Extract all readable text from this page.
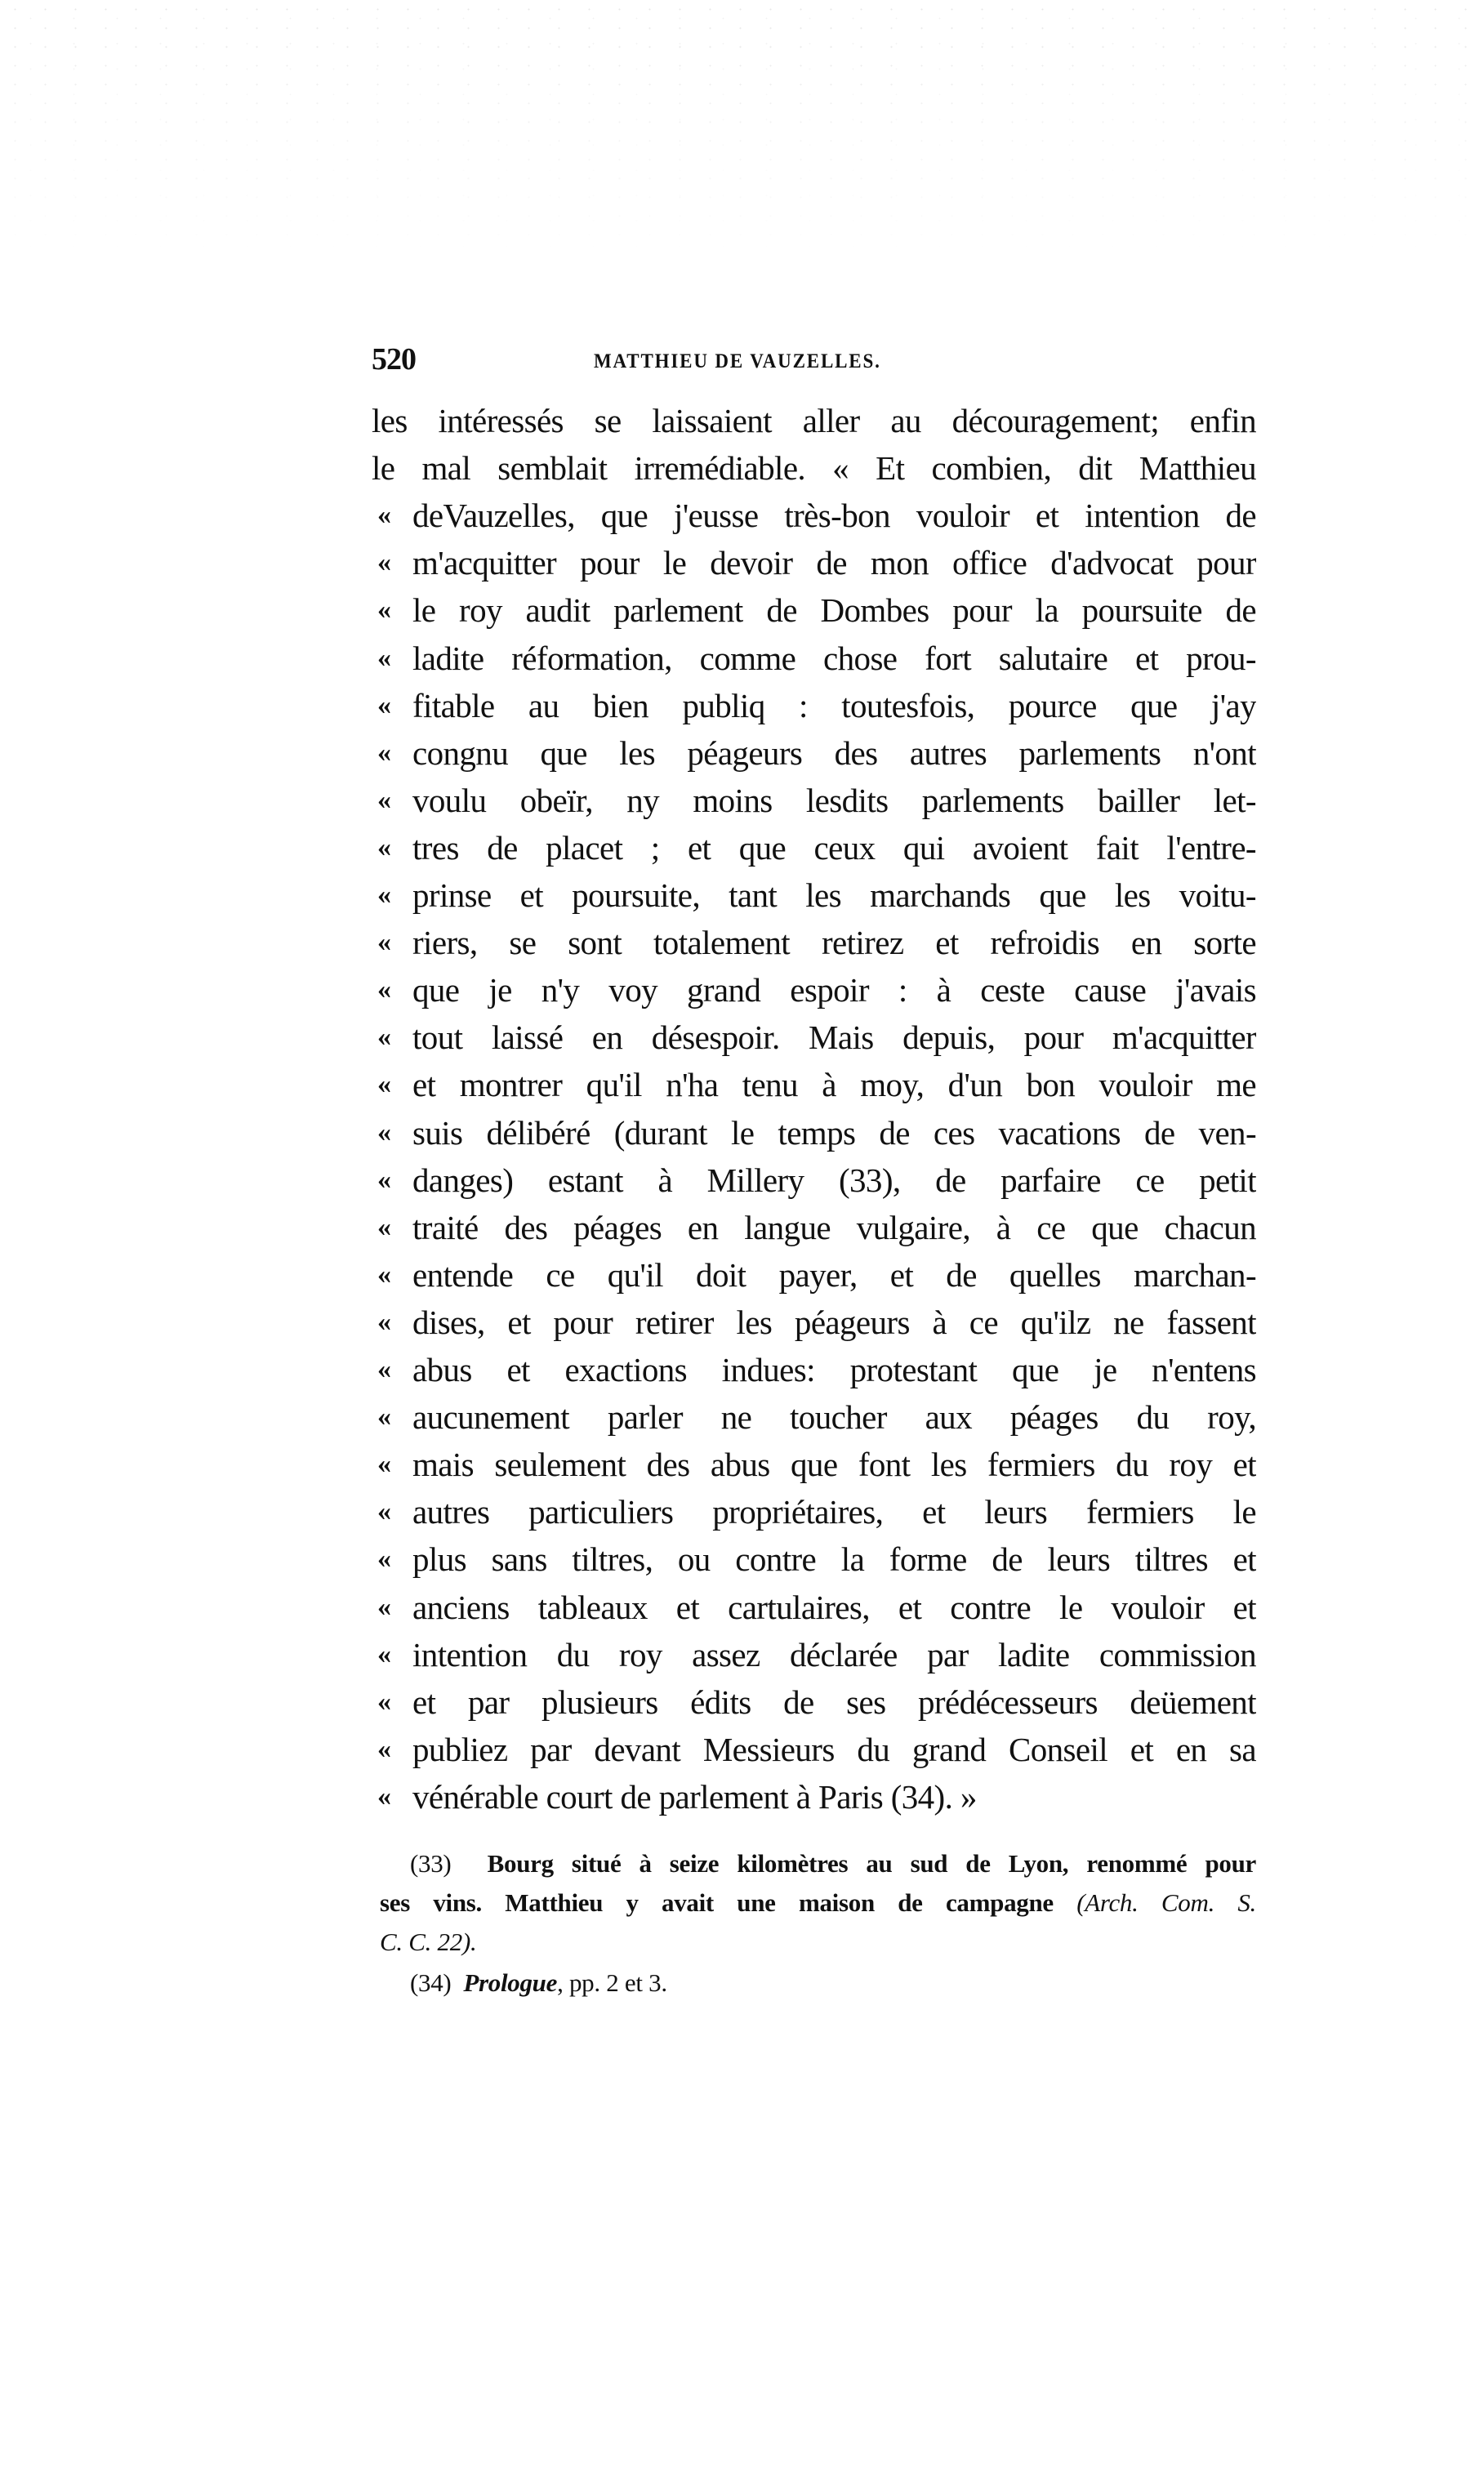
520	MATTHIEU DE VAUZELLES.
les intéressés se laissaient aller au découragement; enfin
le mal semblait irremédiable. « Et combien, dit Matthieu
« deVauzelles, que j'eusse très-bon vouloir et intention de
« m'acquitter pour le devoir de mon office d'advocat pour
« le roy audit parlement de Dombes pour la poursuite de
« ladite réformation, comme chose fort salutaire et prou-
« fitable au bien publiq : toutesfois, pource que j'ay
« congnu que les péageurs des autres parlements n'ont
« voulu obeïr, ny moins lesdits parlements bailler let-
« tres de placet ; et que ceux qui avoient fait l'entre-
« prinse et poursuite, tant les marchands que les voitu-
« riers, se sont totalement retirez et refroidis en sorte
« que je n'y voy grand espoir : à ceste cause j'avais
« tout laissé en désespoir. Mais depuis, pour m'acquitter
« et montrer qu'il n'ha tenu à moy, d'un bon vouloir me
« suis délibéré (durant le temps de ces vacations de ven-
« danges) estant à Millery (33), de parfaire ce petit
« traité des péages en langue vulgaire, à ce que chacun
« entende ce qu'il doit payer, et de quelles marchan-
« dises, et pour retirer les péageurs à ce qu'ilz ne fassent
« abus et exactions indues: protestant que je n'entens
« aucunement parler ne toucher aux péages du roy,
« mais seulement des abus que font les fermiers du roy et
« autres particuliers propriétaires, et leurs fermiers le
« plus sans tiltres, ou contre la forme de leurs tiltres et
« anciens tableaux et cartulaires, et contre le vouloir et
« intention du roy assez déclarée par ladite commission
« et par plusieurs édits de ses prédécesseurs deüement
« publiez par devant Messieurs du grand Conseil et en sa
« vénérable court de parlement à Paris (34). »
(33) Bourg situé à seize kilomètres au sud de Lyon, renommé pour
ses vins. Matthieu y avait une maison de campagne (Arch. Com. S.
C. C. 22).
(34) Prologue, pp. 2 et 3.
